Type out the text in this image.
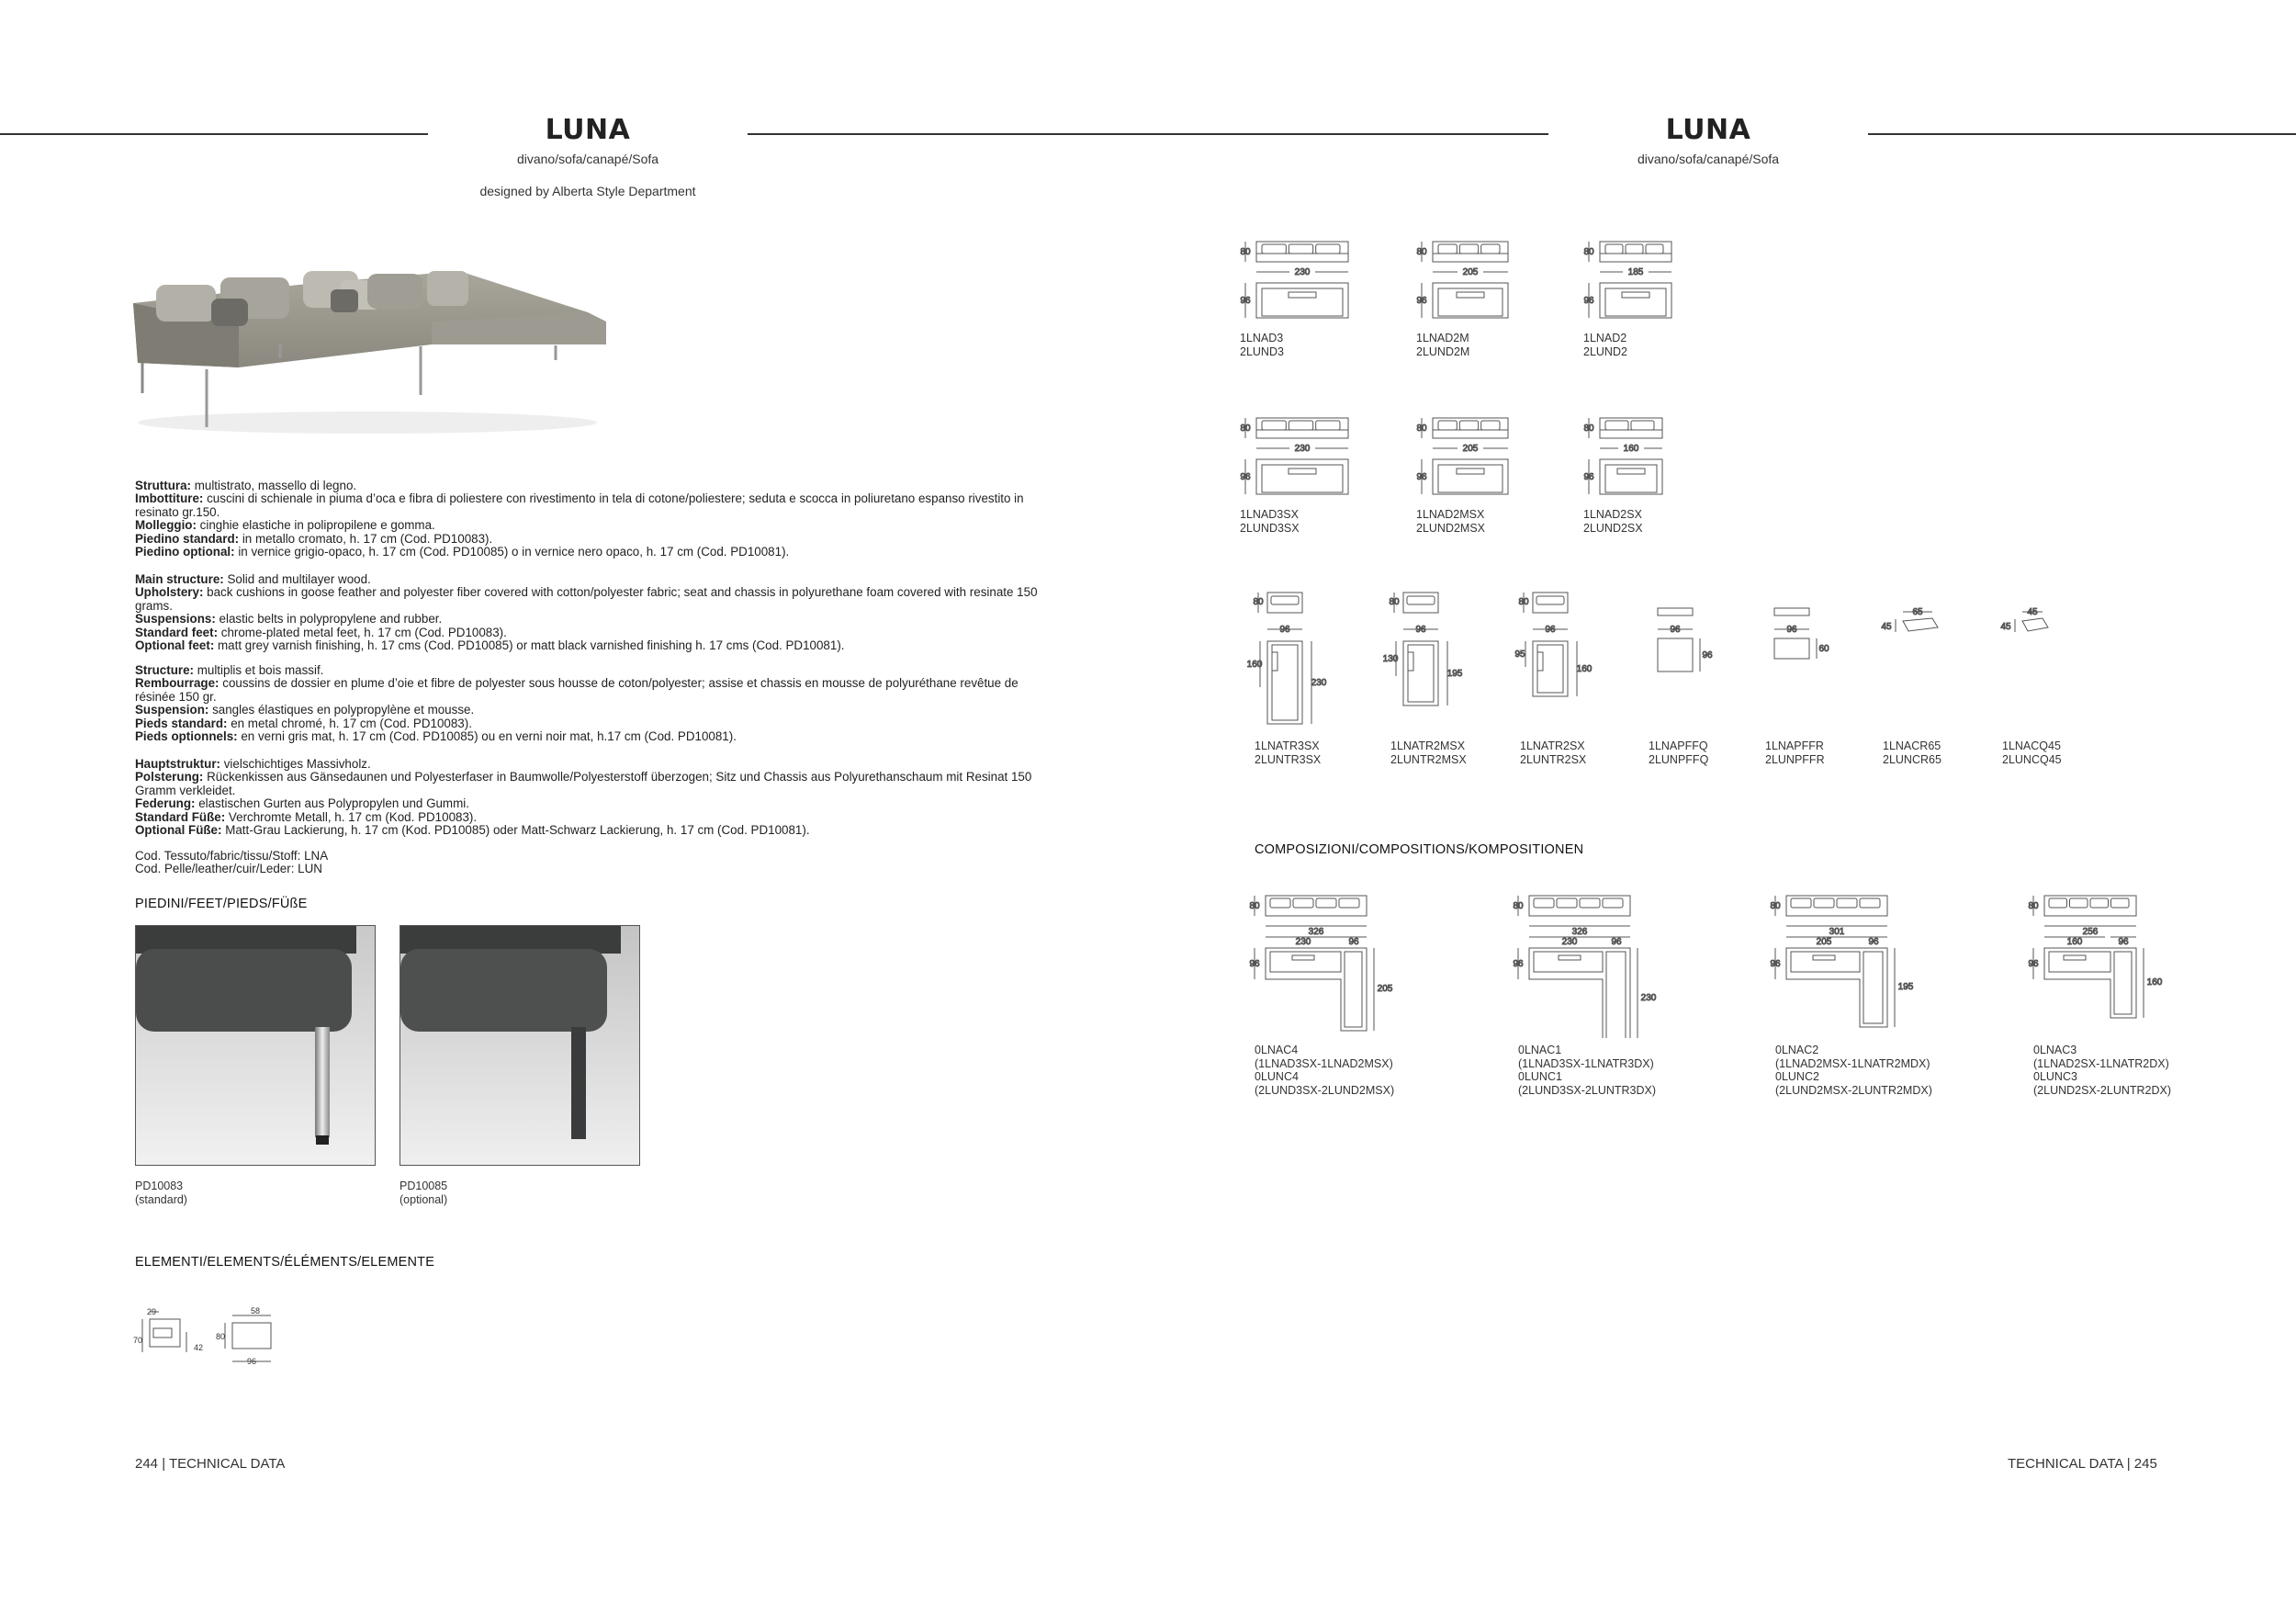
LUNA
divano/sofa/canapé/Sofa
designed by Alberta Style Department

Struttura: multistrato, massello di legno.

Imbottiture: cuscini di schienale in piuma d’oca e fibra di poliestere con rivestimento in tela di cotone/poliestere; seduta e scocca in poliuretano espanso rivestito in resinato gr.150.

Molleggio: cinghie elastiche in polipropilene e gomma.

Piedino standard: in metallo cromato, h. 17 cm (Cod. PD10083).

Piedino optional: in vernice grigio-opaco, h. 17 cm (Cod. PD10085) o in vernice nero opaco, h. 17 cm (Cod. PD10081).

Main structure: Solid and multilayer wood.

Upholstery: back cushions in goose feather and polyester fiber covered with cotton/polyester fabric; seat and chassis in polyurethane foam covered with resinate 150 grams.

Suspensions: elastic belts in polypropylene and rubber.

Standard feet: chrome-plated metal feet, h. 17 cm (Cod. PD10083).

Optional feet: matt grey varnish finishing, h. 17 cms (Cod. PD10085) or matt black varnished finishing h. 17 cms (Cod. PD10081).

Structure: multiplis et bois massif.

Rembourrage: coussins de dossier en plume d’oie et fibre de polyester sous housse de coton/polyester; assise et chassis en mousse de polyuréthane revêtue de résinée 150 gr.

Suspension: sangles élastiques en polypropylène et mousse.

Pieds standard: en metal chromé, h. 17 cm (Cod. PD10083).

Pieds optionnels: en verni gris mat, h. 17 cm (Cod. PD10085) ou en verni noir mat, h.17 cm (Cod. PD10081).

Hauptstruktur: vielschichtiges Massivholz.

Polsterung: Rückenkissen aus Gänsedaunen und Polyesterfaser in Baumwolle/Polyesterstoff überzogen; Sitz und Chassis aus Polyurethanschaum mit Resinat 150 Gramm verkleidet.

Federung: elastischen Gurten aus Polypropylen und Gummi.

Standard Füße: Verchromte Metall, h. 17 cm (Kod. PD10083).

Optional Füße: Matt-Grau Lackierung, h. 17 cm (Kod. PD10085) oder Matt-Schwarz Lackierung, h. 17 cm (Cod. PD10081).

Cod. Tessuto/fabric/tissu/Stoff: LNA

Cod. Pelle/leather/cuir/Leder: LUN

PIEDINI/FEET/PIEDS/FÜßE
PD10083
(standard)
PD10085
(optional)
ELEMENTI/ELEMENTS/ÉLÉMENTS/ELEMENTE
29
70
42
58
80
96
244 | TECHNICAL DATA
LUNA
divano/sofa/canapé/Sofa
COMPOSIZIONI/COMPOSITIONS/KOMPOSITIONEN
TECHNICAL DATA | 245
80
230
96
1LNAD3
2LUND3
80
205
96
1LNAD2M
2LUND2M
80
185
96
1LNAD2
2LUND2
80
230
96
1LNAD3SX
2LUND3SX
80
205
96
1LNAD2MSX
2LUND2MSX
80
160
96
1LNAD2SX
2LUND2SX
80
96
160
230
1LNATR3SX
2LUNTR3SX
80
96
130
195
1LNATR2MSX
2LUNTR2MSX
80
96
95
160
1LNATR2SX
2LUNTR2SX
96
96
1LNAPFFQ
2LUNPFFQ
96
60
1LNAPFFR
2LUNPFFR
65
45
1LNACR65
2LUNCR65
45
45
1LNACQ45
2LUNCQ45
80
326
230	96
96
205
0LNAC4
(1LNAD3SX-1LNAD2MSX)
0LUNC4
(2LUND3SX-2LUND2MSX)
80
326
230	96
96
230
0LNAC1
(1LNAD3SX-1LNATR3DX)
0LUNC1
(2LUND3SX-2LUNTR3DX)
80
301
205	96
96
195
0LNAC2
(1LNAD2MSX-1LNATR2MDX)
0LUNC2
(2LUND2MSX-2LUNTR2MDX)
80
256
160	96
96
160
0LNAC3
(1LNAD2SX-1LNATR2DX)
0LUNC3
(2LUND2SX-2LUNTR2DX)
